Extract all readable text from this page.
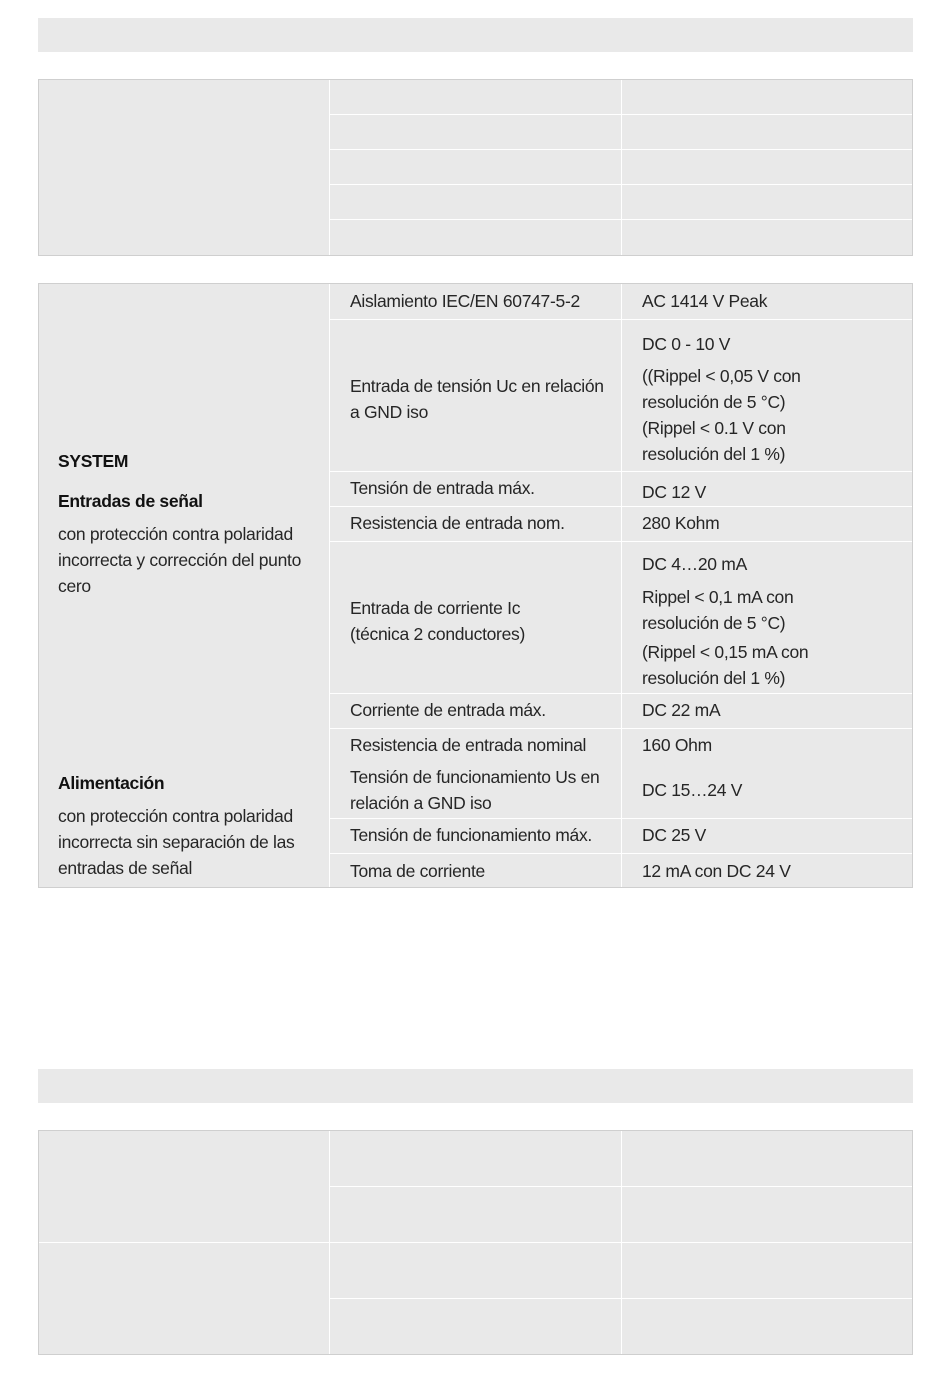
SYSTEM
Entradas de señal
con protección contra polaridad incorrecta y corrección del punto cero
Alimentación
con protección contra polaridad incorrecta sin separación de las entradas de señal
Aislamiento IEC/EN 60747-5-2
Entrada de tensión Uc en relación a GND iso
Tensión de entrada máx.
Resistencia de entrada nom.
Entrada de corriente Ic (técnica 2 conductores)
Corriente de entrada máx.
Resistencia de entrada nominal
Tensión de funcionamiento Us en relación a GND iso
Tensión de funcionamiento máx.
Toma de corriente
AC 1414 V Peak
DC 0 - 10 V
((Rippel < 0,05 V con resolución de 5 °C)
(Rippel < 0.1 V con resolución del 1 %)
DC 12 V
280 Kohm
DC 4…20 mA
Rippel < 0,1 mA con resolución de 5 °C)
(Rippel < 0,15 mA con resolución del 1 %)
DC 22 mA
160 Ohm
DC 15…24 V
DC 25 V
12 mA con DC 24 V
